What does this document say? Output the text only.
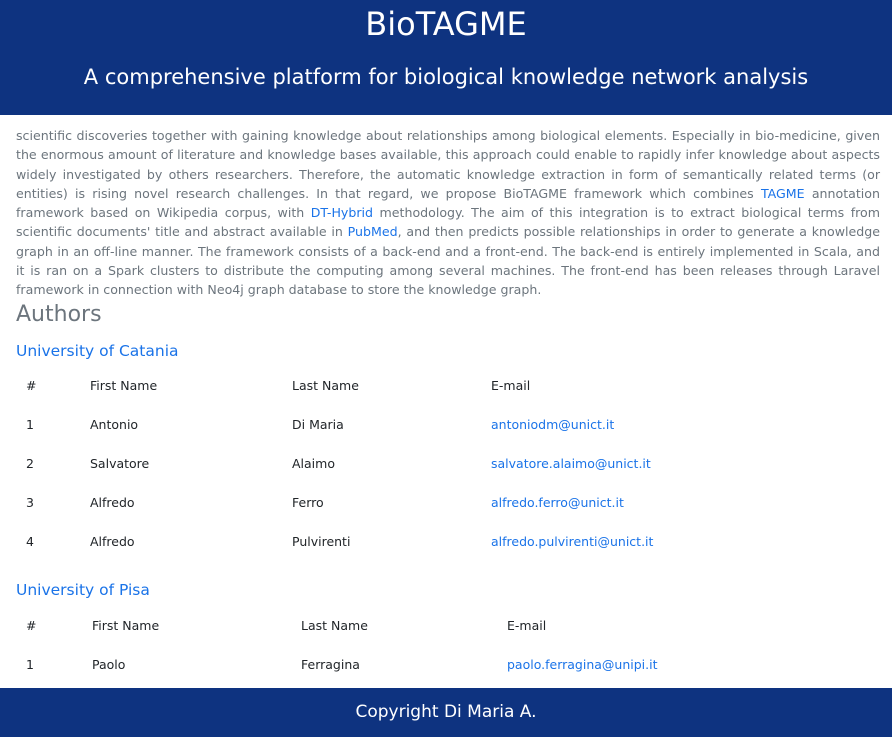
BioTAGME
A comprehensive platform for biological knowledge network analysis

scientific discoveries together with gaining knowledge about relationships among biological elements. Especially in bio-medicine, given the enormous amount of literature and knowledge bases available, this approach could enable to rapidly infer knowledge about aspects widely investigated by others researchers. Therefore, the automatic knowledge extraction in form of semantically related terms (or entities) is rising novel research challenges. In that regard, we propose BioTAGME framework which combines TAGME annotation framework based on Wikipedia corpus, with DT-Hybrid methodology. The aim of this integration is to extract biological terms from scientific documents' title and abstract available in PubMed, and then predicts possible relationships in order to generate a knowledge graph in an off-line manner. The framework consists of a back-end and a front-end. The back-end is entirely implemented in Scala, and it is ran on a Spark clusters to distribute the computing among several machines. The front-end has been releases through Laravel framework in connection with Neo4j graph database to store the knowledge graph.

Authors
University of Catania
#	First Name	Last Name	E-mail
1	Antonio	Di Maria	antoniodm@unict.it
2	Salvatore	Alaimo	salvatore.alaimo@unict.it
3	Alfredo	Ferro	alfredo.ferro@unict.it
4	Alfredo	Pulvirenti	alfredo.pulvirenti@unict.it
University of Pisa
#	First Name	Last Name	E-mail
1	Paolo	Ferragina	paolo.ferragina@unipi.it
Copyright Di Maria A.
